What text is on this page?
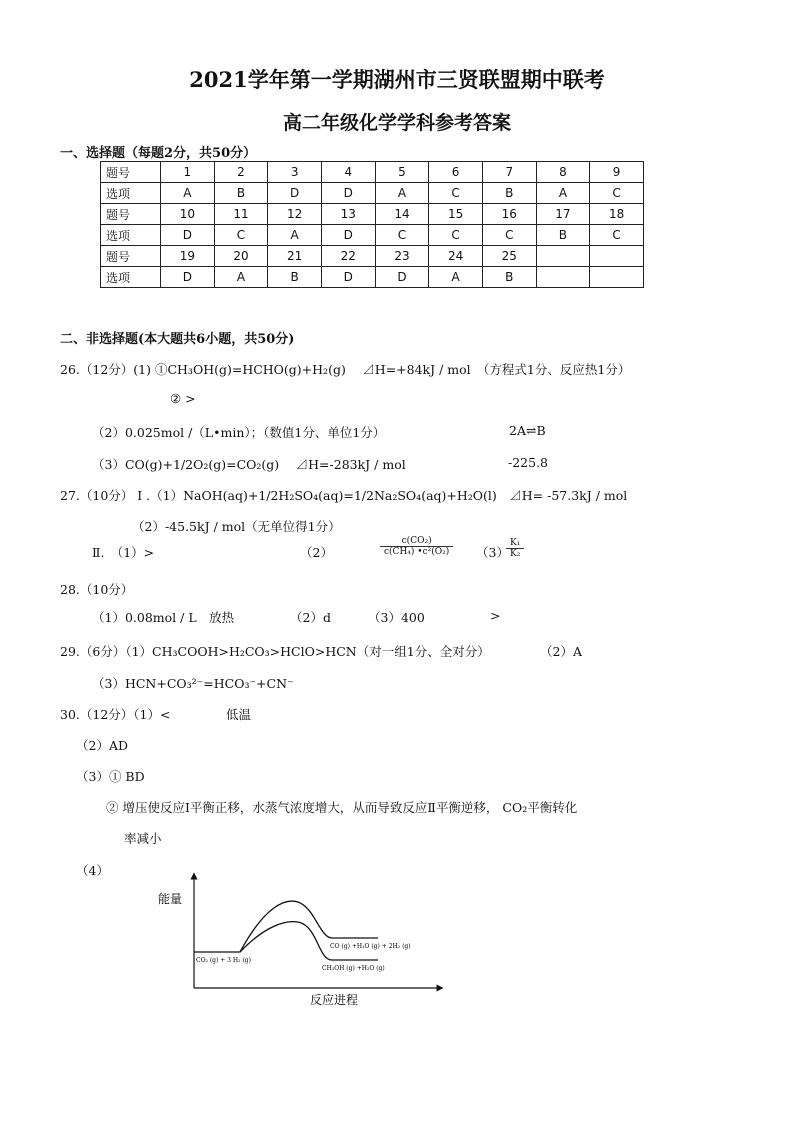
2021学年第一学期湖州市三贤联盟期中联考
高二年级化学学科参考答案
一、选择题（每题2分，共50分）
题号	1	2	3	4	5	6	7	8	9
选项	A	B	D	D	A	C	B	A	C
题号	10	11	12	13	14	15	16	17	18
选项	D	C	A	D	C	C	C	B	C
题号	19	20	21	22	23	24	25		
选项	D	A	B	D	D	A	B		
二、非选择题(本大题共6小题，共50分)
26.（12分）(1) ①CH₃OH(g)=HCHO(g)+H₂(g)　 ⊿H=+84kJ / mol　（方程式1分、反应热1分）
② >
（2）0.025mol /（L•min）；（数值1分、单位1分）	2A⇌B
（3）CO(g)+1/2O₂(g)=CO₂(g)　 ⊿H=-283kJ / mol	-225.8
27.（10分） Ⅰ .（1）NaOH(aq)+1/2H₂SO₄(aq)=1/2Na₂SO₄(aq)+H₂O(l)　⊿H= -57.3kJ / mol
（2）-45.5kJ / mol（无单位得1分）
Ⅱ.　（1）>	（2）	$\frac{\text{c(CO₂)}}{\text{c(CH₄) •c²(O₂)}} (3)$
$\frac{\text{K₁}}{\text{K₂}}$
28.（10分）
（1）0.08mol / L　放热	（2）d	（3）400	>
29.（6分）（1）CH₃COOH>H₂CO₃>HClO>HCN（对一组1分、全对分）	（2）A
（3）HCN+CO₃²⁻=HCO₃⁻+CN⁻
30.（12分）（1）<	低温
（2）AD
（3）① BD
② 增压使反应Ⅰ平衡正移，水蒸气浓度增大，从而导致反应Ⅱ平衡逆移， CO₂平衡转化
率减小
（4）
能量
反应进程
CO₂ (g) + 3 H₂ (g)
CO (g) +H₂O (g) + 2H₂ (g)
CH₃OH (g) +H₂O (g)
